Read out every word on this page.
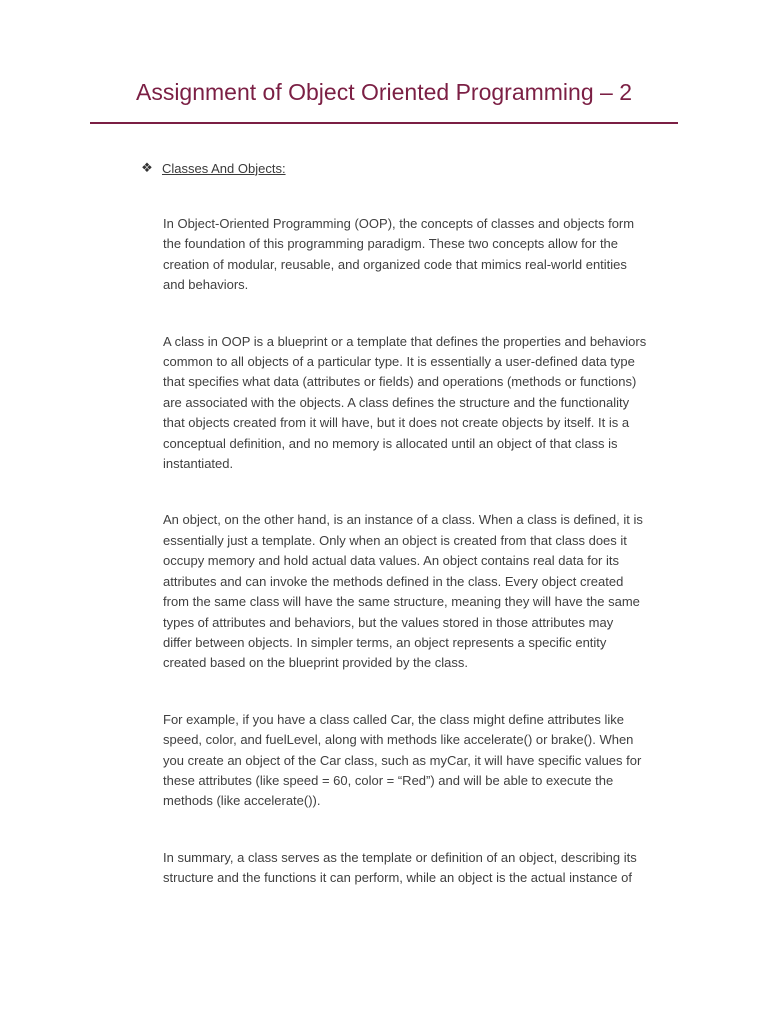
Assignment of Object Oriented Programming – 2
❖ Classes And Objects:

In Object-Oriented Programming (OOP), the concepts of classes and objects form
the foundation of this programming paradigm. These two concepts allow for the
creation of modular, reusable, and organized code that mimics real-world entities
and behaviors.

A class in OOP is a blueprint or a template that defines the properties and behaviors
common to all objects of a particular type. It is essentially a user-defined data type
that specifies what data (attributes or fields) and operations (methods or functions)
are associated with the objects. A class defines the structure and the functionality
that objects created from it will have, but it does not create objects by itself. It is a
conceptual definition, and no memory is allocated until an object of that class is
instantiated.

An object, on the other hand, is an instance of a class. When a class is defined, it is
essentially just a template. Only when an object is created from that class does it
occupy memory and hold actual data values. An object contains real data for its
attributes and can invoke the methods defined in the class. Every object created
from the same class will have the same structure, meaning they will have the same
types of attributes and behaviors, but the values stored in those attributes may
differ between objects. In simpler terms, an object represents a specific entity
created based on the blueprint provided by the class.

For example, if you have a class called Car, the class might define attributes like
speed, color, and fuelLevel, along with methods like accelerate() or brake(). When
you create an object of the Car class, such as myCar, it will have specific values for
these attributes (like speed = 60, color = “Red”) and will be able to execute the
methods (like accelerate()).

In summary, a class serves as the template or definition of an object, describing its
structure and the functions it can perform, while an object is the actual instance of
